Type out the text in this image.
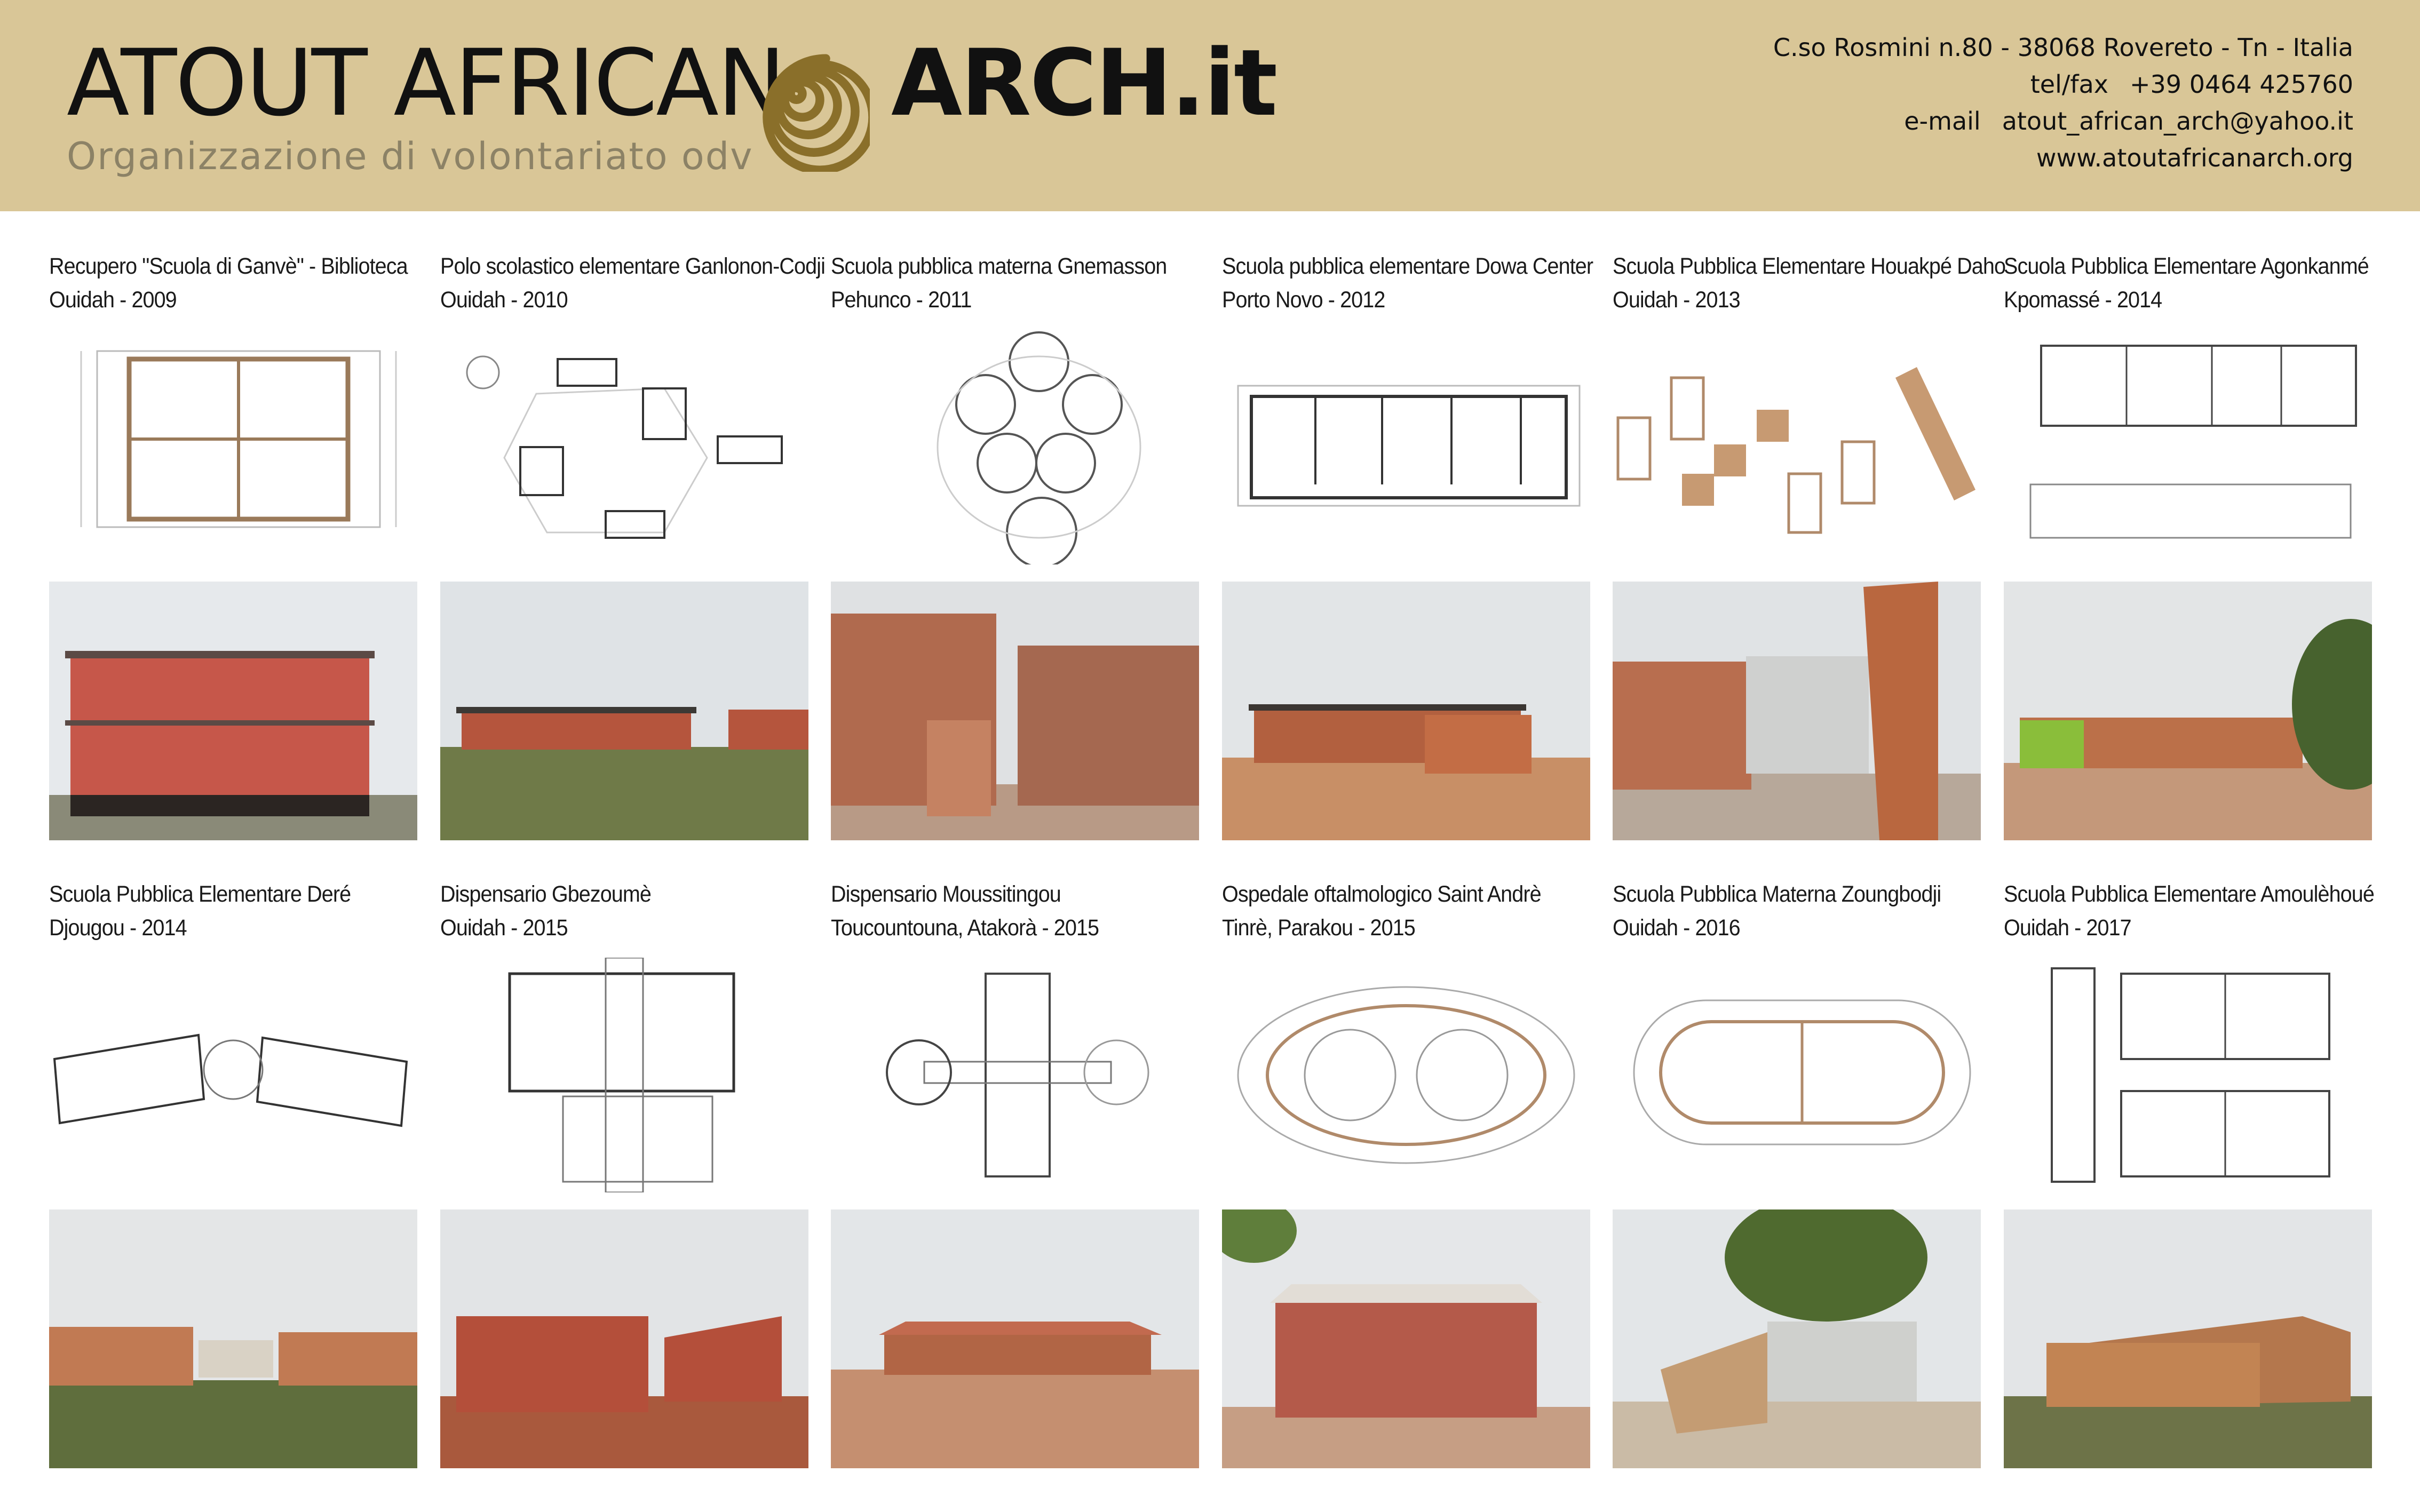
ATOUT AFRICAN ARCH.it
Organizzazione di volontariato odv
C.so Rosmini n.80 - 38068 Rovereto - Tn - Italia
tel/fax +39 0464 425760
e-mail atout_african_arch@yahoo.it
www.atoutafricanarch.org
Recupero "Scuola di Ganvè" - Biblioteca
Ouidah - 2009
Polo scolastico elementare Ganlonon-Codji
Ouidah - 2010
Scuola pubblica materna Gnemasson
Pehunco - 2011
Scuola pubblica elementare Dowa Center
Porto Novo - 2012
Scuola Pubblica Elementare Houakpé Daho
Ouidah - 2013
Scuola Pubblica Elementare Agonkanmé
Kpomassé - 2014
Scuola Pubblica Elementare Deré
Djougou - 2014
Dispensario Gbezoumè
Ouidah - 2015
Dispensario Moussitingou
Toucountouna, Atakorà - 2015
Ospedale oftalmologico Saint Andrè
Tinrè, Parakou - 2015
Scuola Pubblica Materna Zoungbodji
Ouidah - 2016
Scuola Pubblica Elementare Amoulèhoué
Ouidah - 2017
